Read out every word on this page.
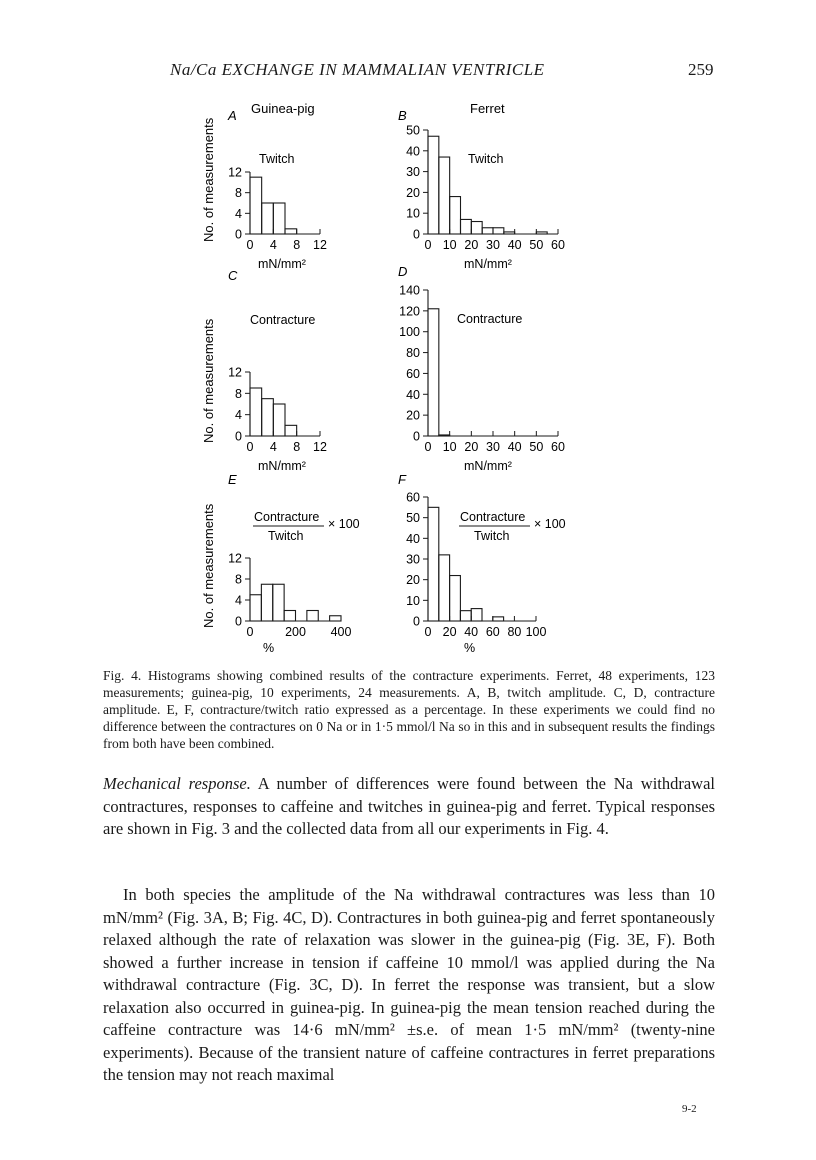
Na/Ca EXCHANGE IN MAMMALIAN VENTRICLE	259
Guinea-pig	Ferret
No. of measurements
No. of measurements
No. of measurements	Contracture
Twitch
× 100	Contracture
Twitch
× 100
A
Twitch
0
4
8
12
0 4 8 12
mN/mm²
B
Twitch
0
10
20
30
40
50
0 10 20 30 40 50 60
mN/mm²
C
Contracture
0
4
8
12
0 4 8 12
mN/mm²
D
Contracture
0
20
40
60
80
100
120
140
0 10 20 30 40 50 60
mN/mm²
E
0
4
8
12
0	200 400
%
F
0
10
20
30
40
50
60
0 20 40 60 80 100
%
Fig. 4. Histograms showing combined results of the contracture experiments. Ferret, 48 experiments, 123 measurements; guinea-pig, 10 experiments, 24 measurements. A, B, twitch amplitude. C, D, contracture amplitude. E, F, contracture/twitch ratio expressed as a percentage. In these experiments we could find no difference between the contractures on 0 Na or in 1·5 mmol/l Na so in this and in subsequent results the findings from both have been combined.
Mechanical response. A number of differences were found between the Na withdrawal contractures, responses to caffeine and twitches in guinea-pig and ferret. Typical responses are shown in Fig. 3 and the collected data from all our experiments in Fig. 4.
In both species the amplitude of the Na withdrawal contractures was less than 10 mN/mm² (Fig. 3A, B; Fig. 4C, D). Contractures in both guinea-pig and ferret spontaneously relaxed although the rate of relaxation was slower in the guinea-pig (Fig. 3E, F). Both showed a further increase in tension if caffeine 10 mmol/l was applied during the Na withdrawal contracture (Fig. 3C, D). In ferret the response was transient, but a slow relaxation also occurred in guinea-pig. In guinea-pig the mean tension reached during the caffeine contracture was 14·6 mN/mm² ±s.e. of mean 1·5 mN/mm² (twenty-nine experiments). Because of the transient nature of caffeine contractures in ferret preparations the tension may not reach maximal
9-2
